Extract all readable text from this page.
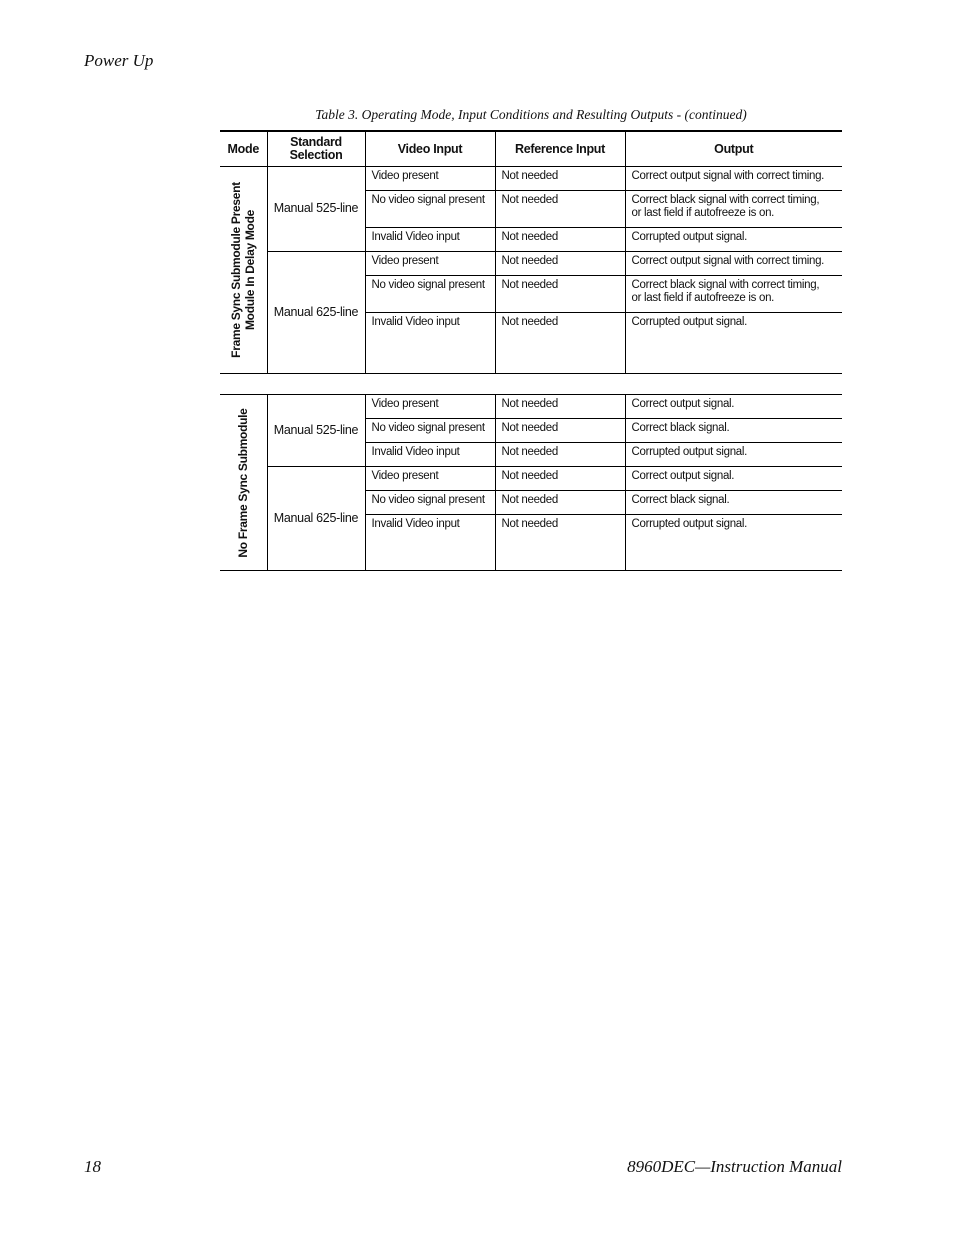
Power Up
Table 3. Operating Mode, Input Conditions and Resulting Outputs - (continued)
Mode	Standard Selection	Video Input	Reference Input	Output

Frame Sync Submodule Present Module In Delay Mode	Manual 525-line	Video present	Not needed	Correct output signal with correct timing.

		No video signal present	Not needed	Correct black signal with correct timing,
or last field if autofreeze is on.

		Invalid Video input	Not needed	Corrupted output signal.

	Manual 625-line	Video present	Not needed	Correct output signal with correct timing.

		No video signal present	Not needed	Correct black signal with correct timing,
or last field if autofreeze is on.

		Invalid Video input	Not needed	Corrupted output signal.

No Frame Sync Submodule	Manual 525-line	Video present	Not needed	Correct output signal.

		No video signal present	Not needed	Correct black signal.

		Invalid Video input	Not needed	Corrupted output signal.

	Manual 625-line	Video present	Not needed	Correct output signal.

		No video signal present	Not needed	Correct black signal.

		Invalid Video input	Not needed	Corrupted output signal.
18	8960DEC—Instruction Manual
